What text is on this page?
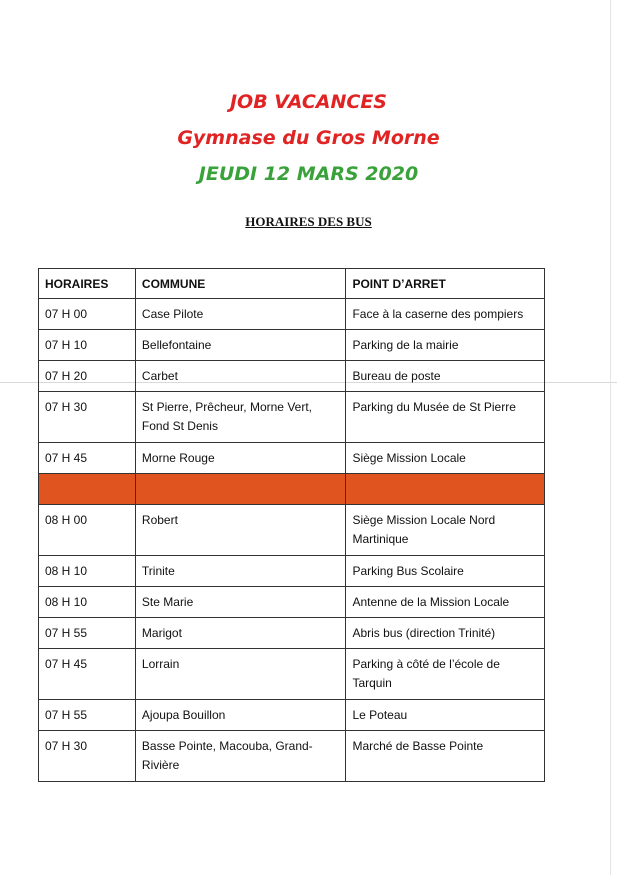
JOB VACANCES
Gymnase du Gros Morne
JEUDI 12 MARS 2020
HORAIRES DES BUS
HORAIRES	COMMUNE	POINT D’ARRET
07 H 00	Case Pilote	Face à la caserne des pompiers
07 H 10	Bellefontaine	Parking de la mairie
07 H 20	Carbet	Bureau de poste
07 H 30	St Pierre, Prêcheur, Morne Vert, Fond St Denis	Parking du Musée de St Pierre
07 H 45	Morne Rouge	Siège Mission Locale

08 H 00	Robert	Siège Mission Locale Nord Martinique
08 H 10	Trinite	Parking Bus Scolaire
08 H 10	Ste Marie	Antenne de la Mission Locale
07 H 55	Marigot	Abris bus (direction Trinité)
07 H 45	Lorrain	Parking à côté de l’école de Tarquin
07 H 55	Ajoupa Bouillon	Le Poteau
07 H 30	Basse Pointe, Macouba, Grand-Rivière	Marché de Basse Pointe
